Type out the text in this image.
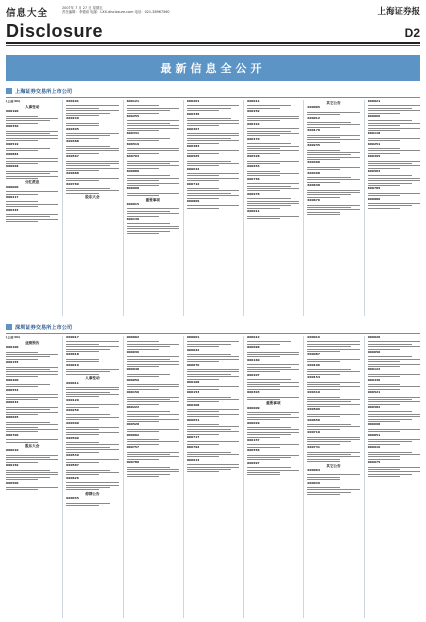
信息大全	2007年 7 月 27 日 星期五
责任编辑：李德高 电邮：LXX.disclosure.com 电话：021-38967560	上海证券报
Disclosure	D2
最新信息全公开
上海证券交易所上市公司
(上接 D1)
人事变动
600190
600350
600519
600884
600968
分红派息
600000
600217
600345
600101
600240
600305
600488
600567
600688
600789
股东大会
600121
600255
600331
600519
600703
600880
600998
重要事项
600015
600130
600201
600336
600367
600483
600565
600642
600712
600809
600011
600252
600322
600470
600528
600654
600756
600978
600011
其它公告
600005
600012
600170
600235
600300
600498
600638
600676
600021
600066
600118
600251
600395
600503
600785
600880
深圳证券交易所上市公司
(上接 D1)
业绩预告
000100
000155
000400
000553
000632
000665
000700
股东大会
000010
000159
000500
000017
000018
000019
人事变动
000011
000120
000256
000400
000509
000539
000587
000626
停牌公告
000035
000002
000036
000048
000059
000150
000222
000528
000682
000757
000780
000001
000022
000070
000108
000153
000408
000651
000717
000792
000913
000012
000096
000160
000207
000303
重要事项
000009
000029
000157
000556
000697
000016
000087
000106
000154
000410
000509
000650
000710
000731
其它公告
000004
000049
000020
000050
000122
000430
000521
000582
000698
000851
000916
000975
